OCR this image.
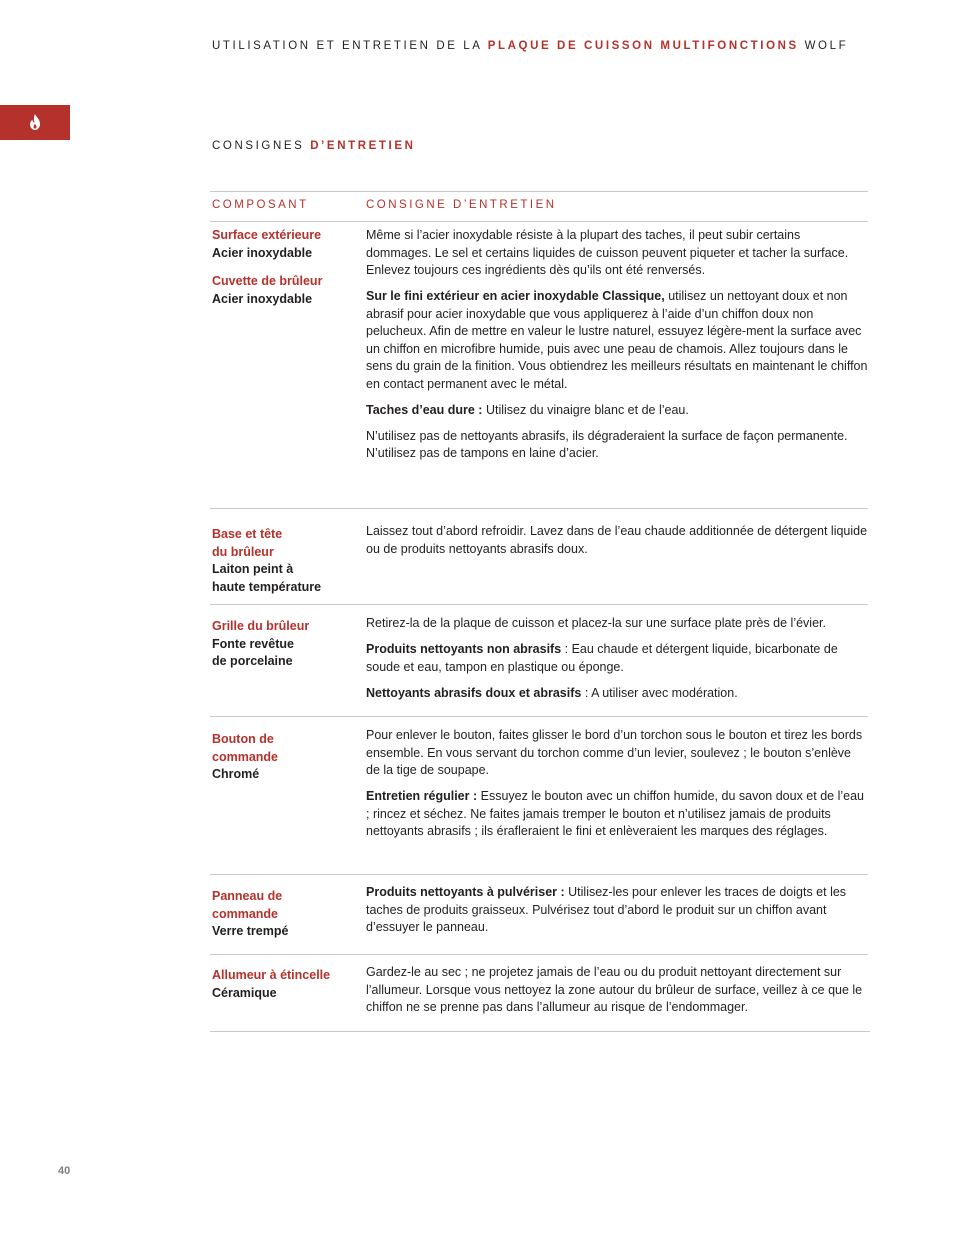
UTILISATION ET ENTRETIEN DE LA PLAQUE DE CUISSON MULTIFONCTIONS WOLF
CONSIGNES D’ENTRETIEN
COMPOSANT	CONSIGNE D’ENTRETIEN
Surface extérieure
Acier inoxydable
Cuvette de brûleur
Acier inoxydable

Même si l’acier inoxydable résiste à la plupart des taches, il peut subir certains dommages. Le sel et certains liquides de cuisson peuvent piqueter et tacher la surface. Enlevez toujours ces ingrédients dès qu’ils ont été renversés.

Sur le fini extérieur en acier inoxydable Classique, utilisez un nettoyant doux et non abrasif pour acier inoxydable que vous appliquerez à l’aide d’un chiffon doux non pelucheux. Afin de mettre en valeur le lustre naturel, essuyez légère-ment la surface avec un chiffon en microfibre humide, puis avec une peau de chamois. Allez toujours dans le sens du grain de la finition. Vous obtiendrez les meilleurs résultats en maintenant le chiffon en contact permanent avec le métal.

Taches d’eau dure : Utilisez du vinaigre blanc et de l’eau.

N’utilisez pas de nettoyants abrasifs, ils dégraderaient la surface de façon permanente. N’utilisez pas de tampons en laine d’acier.

Base et tête
du brûleur
Laiton peint à
haute température

Laissez tout d’abord refroidir. Lavez dans de l’eau chaude additionnée de détergent liquide ou de produits nettoyants abrasifs doux.

Grille du brûleur
Fonte revêtue
de porcelaine

Retirez-la de la plaque de cuisson et placez-la sur une surface plate près de l’évier.

Produits nettoyants non abrasifs : Eau chaude et détergent liquide, bicarbonate de soude et eau, tampon en plastique ou éponge.

Nettoyants abrasifs doux et abrasifs : A utiliser avec modération.

Bouton de
commande
Chromé

Pour enlever le bouton, faites glisser le bord d’un torchon sous le bouton et tirez les bords ensemble. En vous servant du torchon comme d’un levier, soulevez ; le bouton s’enlève de la tige de soupape.

Entretien régulier : Essuyez le bouton avec un chiffon humide, du savon doux et de l’eau ; rincez et séchez. Ne faites jamais tremper le bouton et n’utilisez jamais de produits nettoyants abrasifs ; ils érafleraient le fini et enlèveraient les marques des réglages.

Panneau de
commande
Verre trempé

Produits nettoyants à pulvériser : Utilisez-les pour enlever les traces de doigts et les taches de produits graisseux. Pulvérisez tout d’abord le produit sur un chiffon avant d’essuyer le panneau.

Allumeur à étincelle
Céramique

Gardez-le au sec ; ne projetez jamais de l’eau ou du produit nettoyant directement sur l’allumeur. Lorsque vous nettoyez la zone autour du brûleur de surface, veillez à ce que le chiffon ne se prenne pas dans l’allumeur au risque de l’endommager.

40
